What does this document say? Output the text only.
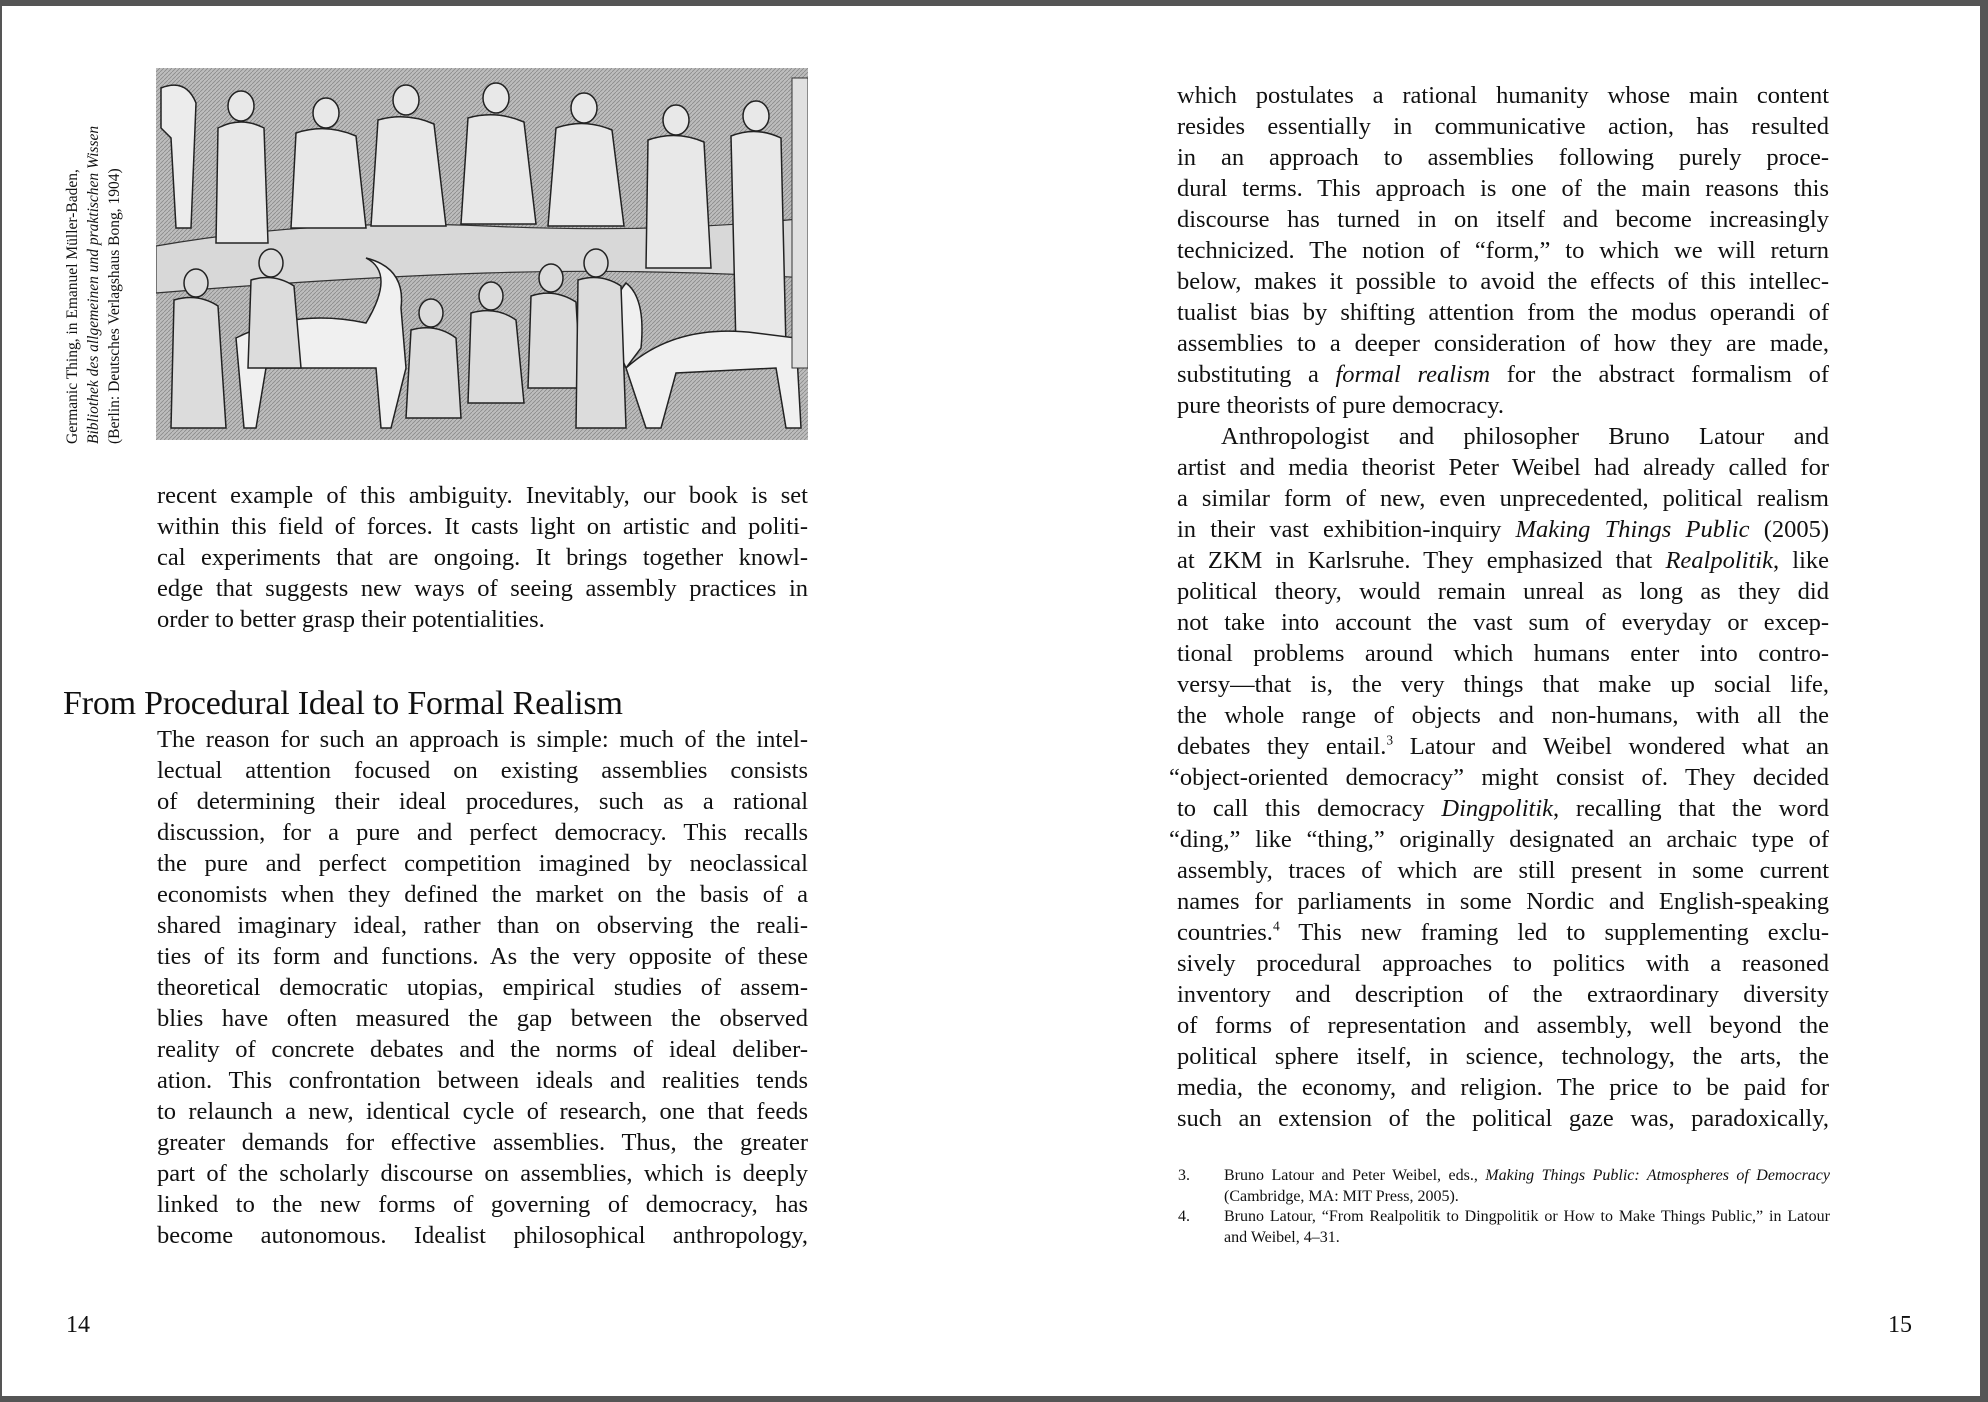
Germanic Thing, in Emanuel Müller-Baden, Bibliothek des allgemeinen und praktischen Wissen (Berlin: Deutsches Verlagshaus Bong, 1904)
recent example of this ambiguity. Inevitably, our book is set
within this field of forces. It casts light on artistic and politi-
cal experiments that are ongoing. It brings together knowl-
edge that suggests new ways of seeing assembly practices in
order to better grasp their potentialities.
From Procedural Ideal to Formal Realism
The reason for such an approach is simple: much of the intel-
lectual attention focused on existing assemblies consists
of determining their ideal procedures, such as a rational
discussion, for a pure and perfect democracy. This recalls
the pure and perfect competition imagined by neoclassical
economists when they defined the market on the basis of a
shared imaginary ideal, rather than on observing the reali-
ties of its form and functions. As the very opposite of these
theoretical democratic utopias, empirical studies of assem-
blies have often measured the gap between the observed
reality of concrete debates and the norms of ideal deliber-
ation. This confrontation between ideals and realities tends
to relaunch a new, identical cycle of research, one that feeds
greater demands for effective assemblies. Thus, the greater
part of the scholarly discourse on assemblies, which is deeply
linked to the new forms of governing of democracy, has
become autonomous. Idealist philosophical anthropology,
14
which postulates a rational humanity whose main content
resides essentially in communicative action, has resulted
in an approach to assemblies following purely proce-
dural terms. This approach is one of the main reasons this
discourse has turned in on itself and become increasingly
technicized. The notion of “form,” to which we will return
below, makes it possible to avoid the effects of this intellec-
tualist bias by shifting attention from the modus operandi of
assemblies to a deeper consideration of how they are made,
substituting a formal realism for the abstract formalism of
pure theorists of pure democracy.
Anthropologist and philosopher Bruno Latour and
artist and media theorist Peter Weibel had already called for
a similar form of new, even unprecedented, political realism
in their vast exhibition-inquiry Making Things Public (2005)
at ZKM in Karlsruhe. They emphasized that Realpolitik, like
political theory, would remain unreal as long as they did
not take into account the vast sum of everyday or excep-
tional problems around which humans enter into contro-
versy—that is, the very things that make up social life,
the whole range of objects and non-humans, with all the
debates they entail.$^3$ Latour and Weibel wondered what an
“object-oriented democracy” might consist of. They decided
to call this democracy Dingpolitik, recalling that the word
“ding,” like “thing,” originally designated an archaic type of
assembly, traces of which are still present in some current
names for parliaments in some Nordic and English-speaking
countries.$^4$ This new framing led to supplementing exclu-
sively procedural approaches to politics with a reasoned
inventory and description of the extraordinary diversity
of forms of representation and assembly, well beyond the
political sphere itself, in science, technology, the arts, the
media, the economy, and religion. The price to be paid for
such an extension of the political gaze was, paradoxically,
3.	Bruno Latour and Peter Weibel, eds., Making Things Public: Atmospheres of Democracy (Cambridge, MA: MIT Press, 2005).
4.	Bruno Latour, “From Realpolitik to Dingpolitik or How to Make Things Public,” in Latour and Weibel, 4–31.
15
